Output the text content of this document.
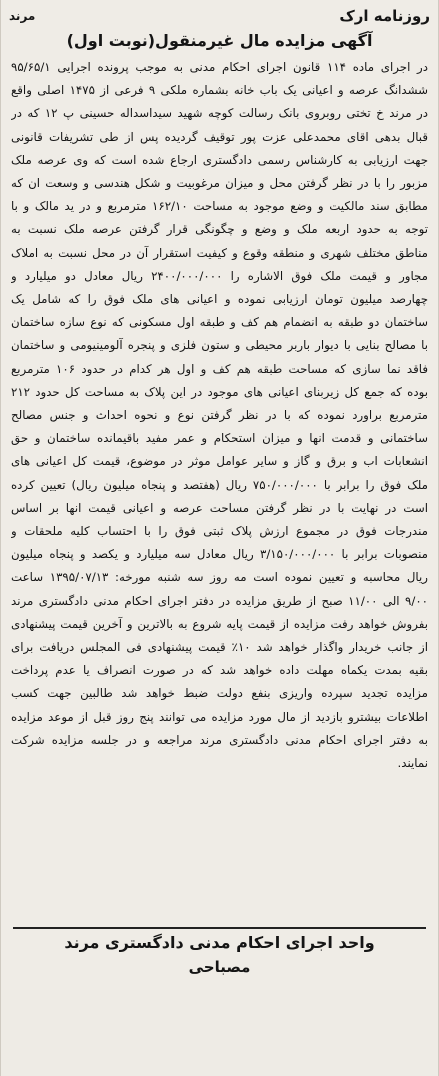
روزنامه ارک
مرند
آگهی مزایده مال غیرمنقول(نوبت اول)
در اجرای ماده ۱۱۴ قانون اجرای احکام مدنی به موجب پرونده اجرایی ۹۵/۶۵/۱ ششدانگ عرصه و اعیانی یک باب خانه بشماره ملکی ۹ فرعی از ۱۴۷۵ اصلی واقع در مرند خ تختی روبروی بانک رسالت کوچه شهید سیداسداله حسینی پ ۱۲ که در قبال بدهی اقای محمدعلی عزت پور توقیف گردیده پس از طی تشریفات قانونی جهت ارزیابی به کارشناس رسمی دادگستری ارجاع شده است که وی عرصه ملک مزبور را با در نظر گرفتن محل و میزان مرغوبیت و شکل هندسی و وسعت ان که مطابق سند مالکیت و وضع موجود به مساحت ۱۶۲/۱۰ مترمربع و در ید مالک و با توجه به حدود اربعه ملک و وضع و چگونگی قرار گرفتن عرصه ملک نسبت به مناطق مختلف شهری و منطقه وقوع و کیفیت استقرار آن در محل نسبت به املاک مجاور و قیمت ملک فوق الاشاره را ۲۴۰۰/۰۰۰/۰۰۰ ریال معادل دو میلیارد و چهارصد میلیون تومان ارزیابی نموده و اعیانی های ملک فوق را که شامل یک ساختمان دو طبقه به انضمام هم کف و طبقه اول مسکونی که نوع سازه ساختمان با مصالح بنایی با دیوار باربر محیطی و ستون فلزی و پنجره آلومینیومی و ساختمان فاقد نما سازی که مساحت طبقه هم کف و اول هر کدام در حدود ۱۰۶ مترمربع بوده که جمع کل زیربنای اعیانی های موجود در این پلاک به مساحت کل حدود ۲۱۲ مترمربع براورد نموده که با در نظر گرفتن نوع و نحوه احداث و جنس مصالح ساختمانی و قدمت انها و میزان استحکام و عمر مفید باقیمانده ساختمان و حق انشعابات اب و برق و گاز و سایر عوامل موثر در موضوع، قیمت کل اعیانی های ملک فوق را برابر با ۷۵۰/۰۰۰/۰۰۰ ریال (هفتصد و پنجاه میلیون ریال) تعیین کرده است در نهایت با در نظر گرفتن مساحت عرصه و اعیانی قیمت انها بر اساس مندرجات فوق در مجموع ارزش پلاک ثبتی فوق را با احتساب کلیه ملحقات و منصوبات برابر با ۳/۱۵۰/۰۰۰/۰۰۰ ریال معادل سه میلیارد و یکصد و پنجاه میلیون ریال محاسبه و تعیین نموده است مه روز سه شنبه مورخه: ۱۳۹۵/۰۷/۱۳ ساعت ۹/۰۰ الی ۱۱/۰۰ صبح از طریق مزایده در دفتر اجرای احکام مدنی دادگستری مرند بفروش خواهد رفت مزایده از قیمت پایه شروع به بالاترین و آخرین قیمت پیشنهادی از جانب خریدار واگذار خواهد شد ۱۰٪ قیمت پیشنهادی فی المجلس دریافت برای بقیه بمدت یکماه مهلت داده خواهد شد که در صورت انصراف یا عدم پرداخت مزایده تجدید سپرده واریزی بنفع دولت ضبط خواهد شد طالبین جهت کسب اطلاعات بیشترو بازدید از مال مورد مزایده می توانند پنج روز قبل از موعد مزایده به دفتر اجرای احکام مدنی دادگستری مرند مراجعه و در جلسه مزایده شرکت نمایند.
واحد اجرای احکام مدنی دادگستری مرند
مصباحی
